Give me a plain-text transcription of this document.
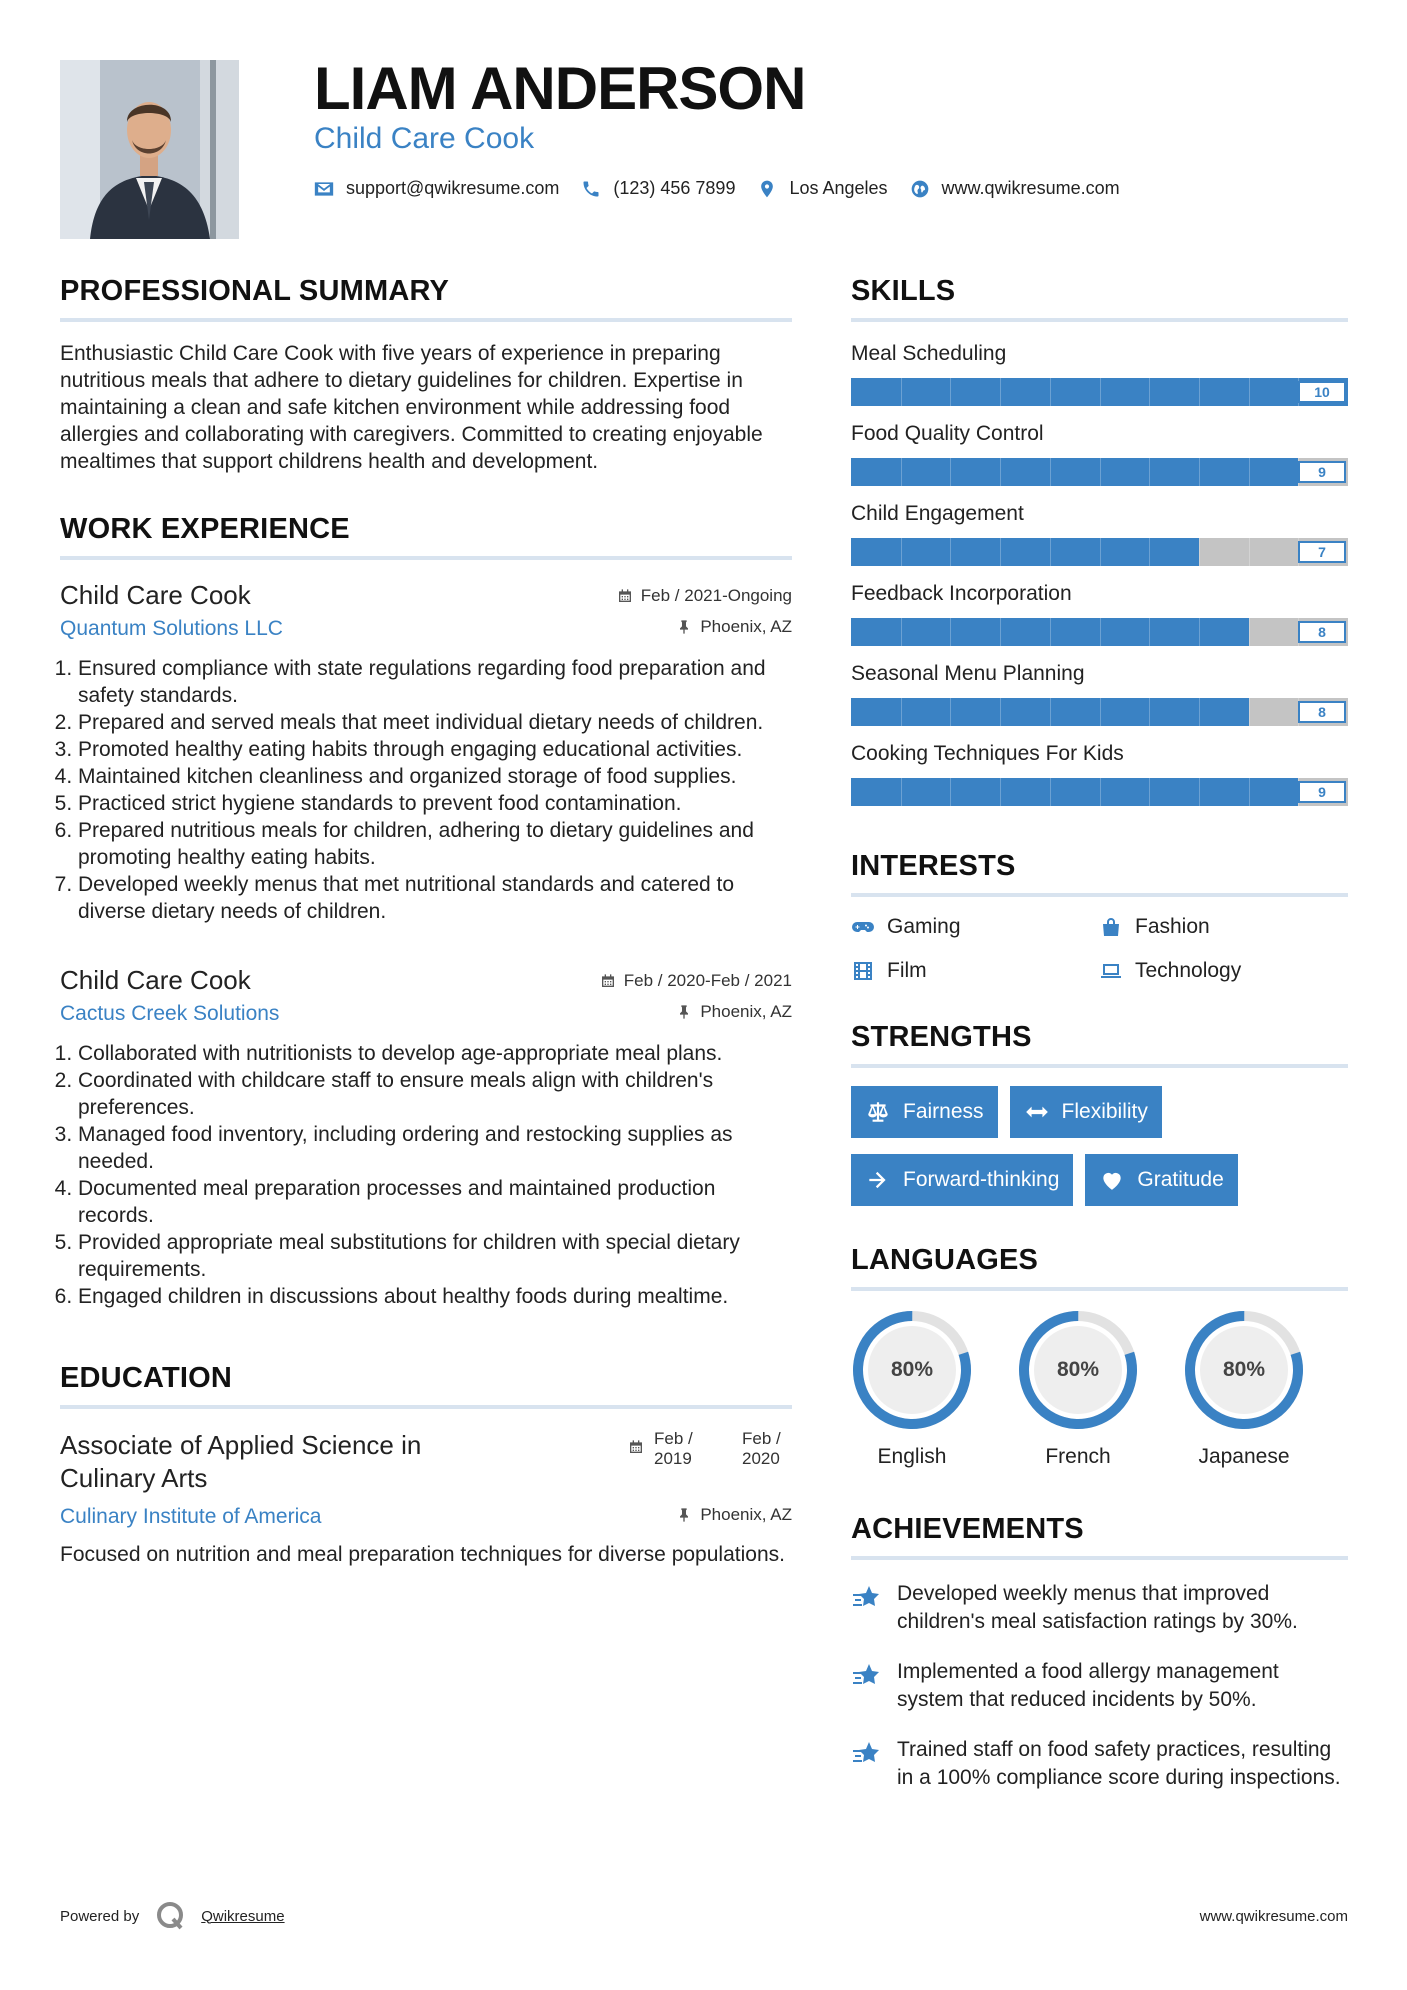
LIAM ANDERSON
Child Care Cook
support@qwikresume.com	(123) 456 7899	Los Angeles	www.qwikresume.com
PROFESSIONAL SUMMARY

Enthusiastic Child Care Cook with five years of experience in preparing nutritious meals that adhere to dietary guidelines for children. Expertise in maintaining a clean and safe kitchen environment while addressing food allergies and collaborating with caregivers. Committed to creating enjoyable mealtimes that support childrens health and development.

WORK EXPERIENCE
Child Care Cook	Feb / 2021-Ongoing
Quantum Solutions LLC	Phoenix, AZ
1. Ensured compliance with state regulations regarding food preparation and safety standards.
2. Prepared and served meals that meet individual dietary needs of children.
3. Promoted healthy eating habits through engaging educational activities.
4. Maintained kitchen cleanliness and organized storage of food supplies.
5. Practiced strict hygiene standards to prevent food contamination.
6. Prepared nutritious meals for children, adhering to dietary guidelines and promoting healthy eating habits.
7. Developed weekly menus that met nutritional standards and catered to diverse dietary needs of children.
Child Care Cook	Feb / 2020-Feb / 2021
Cactus Creek Solutions	Phoenix, AZ
1. Collaborated with nutritionists to develop age-appropriate meal plans.
2. Coordinated with childcare staff to ensure meals align with children's preferences.
3. Managed food inventory, including ordering and restocking supplies as needed.
4. Documented meal preparation processes and maintained production records.
5. Provided appropriate meal substitutions for children with special dietary requirements.
6. Engaged children in discussions about healthy foods during mealtime.
EDUCATION
Associate of Applied Science in Culinary Arts
Feb / 2019
Feb / 2020
Culinary Institute of America	Phoenix, AZ

Focused on nutrition and meal preparation techniques for diverse populations.

SKILLS
Meal Scheduling
10
Food Quality Control
9
Child Engagement
7
Feedback Incorporation
8
Seasonal Menu Planning
8
Cooking Techniques For Kids
9
INTERESTS
Gaming	Fashion
Film	Technology
STRENGTHS
Fairness	Flexibility
Forward-thinking	Gratitude
LANGUAGES
80%
English
80%
French
80%
Japanese
ACHIEVEMENTS
Developed weekly menus that improved children's meal satisfaction ratings by 30%.
Implemented a food allergy management system that reduced incidents by 50%.
Trained staff on food safety practices, resulting in a 100% compliance score during inspections.
Powered by	Qwikresume	www.qwikresume.com
